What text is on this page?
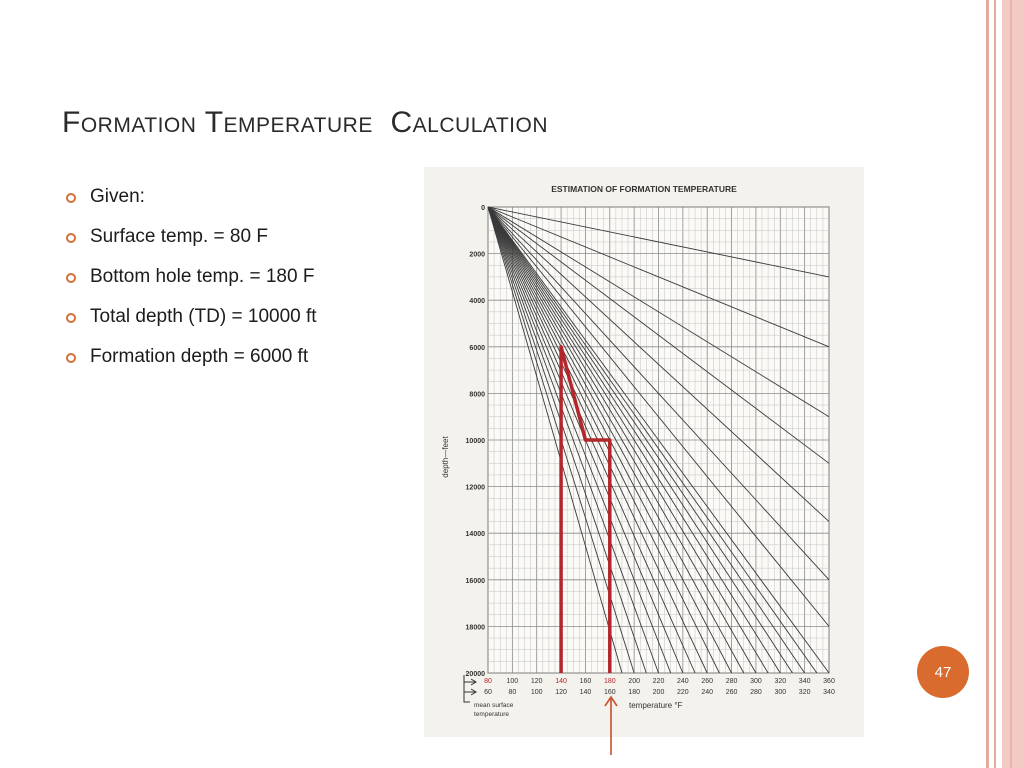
Formation Temperature  Calculation
Given:
Surface temp. = 80 F
Bottom hole temp. = 180 F
Total depth (TD) = 10000 ft
Formation depth = 6000 ft
ESTIMATION OF FORMATION TEMPERATURE
0
2000
4000
6000
8000
10000
12000
14000
16000
18000
20000
80
60
100
80
120
100
140
120
160
140
180
160
200
180
220
200
240
220
260
240
280
260
300
280
320
300
340
320
360
340
depth—feet
temperature °F
mean surface temperature
47
